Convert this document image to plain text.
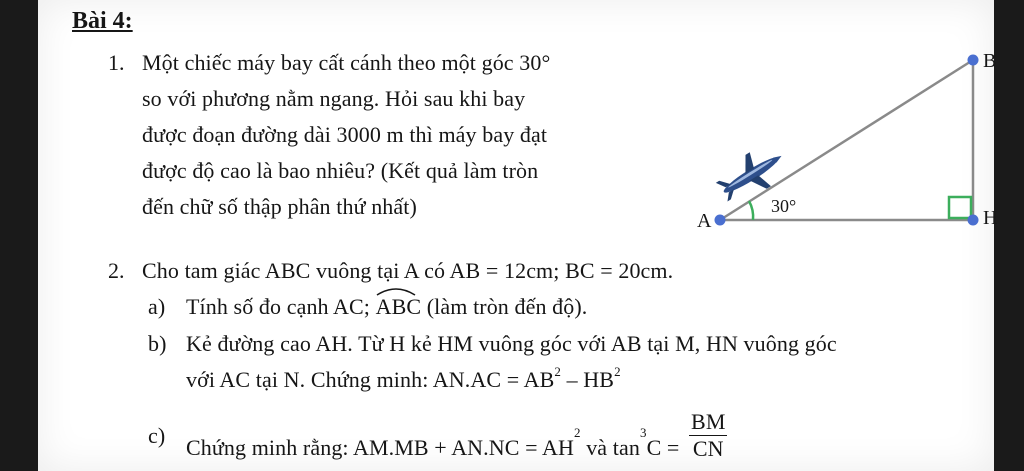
Bài 4:
1. Một chiếc máy bay cất cánh theo một góc 30°
so với phương nằm ngang. Hỏi sau khi bay
được đoạn đường dài 3000 m thì máy bay đạt
được độ cao là bao nhiêu? (Kết quả làm tròn
đến chữ số thập phân thứ nhất)
A
B
H
30°
2. Cho tam giác ABC vuông tại A có AB = 12cm; BC = 20cm.
a) Tính số đo cạnh AC;
ABC (làm tròn đến độ).
b) Kẻ đường cao AH. Từ H kẻ HM vuông góc với AB tại M, HN vuông góc
với AC tại N. Chứng minh: $AN.AC = AB^2 - HB^2$
c) Chứng minh rằng: $AM.MB + AN.NC = AH^2$ và $\tan^3C = \frac{BM}{CN}$
